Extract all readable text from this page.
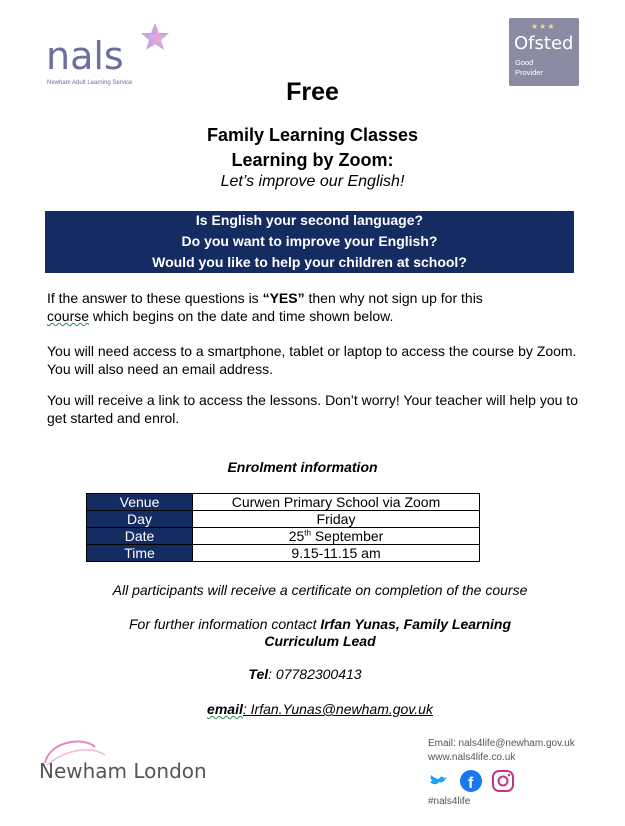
nals
Newham Adult Learning Service
★★★
Ofsted
Good
Provider
Free
Family Learning Classes
Learning by Zoom:
Let’s improve our English!
Is English your second language?
Do you want to improve your English?
Would you like to help your children at school?
If the answer to these questions is “YES” then why not sign up for this
course which begins on the date and time shown below.
You will need access to a smartphone, tablet or laptop to access the course by Zoom. You will also need an email address.
You will receive a link to access the lessons. Don’t worry! Your teacher will help you to get started and enrol.
Enrolment information
Venue	Curwen Primary School via Zoom
Day	Friday
Date	25th September
Time	9.15-11.15 am
All participants will receive a certificate on completion of the course
For further information contact Irfan Yunas, Family Learning
Curriculum Lead
Tel: 07782300413
email: Irfan.Yunas@newham.gov.uk
Newham London
Email: nals4life@newham.gov.uk
www.nals4life.co.uk
f
#nals4life
